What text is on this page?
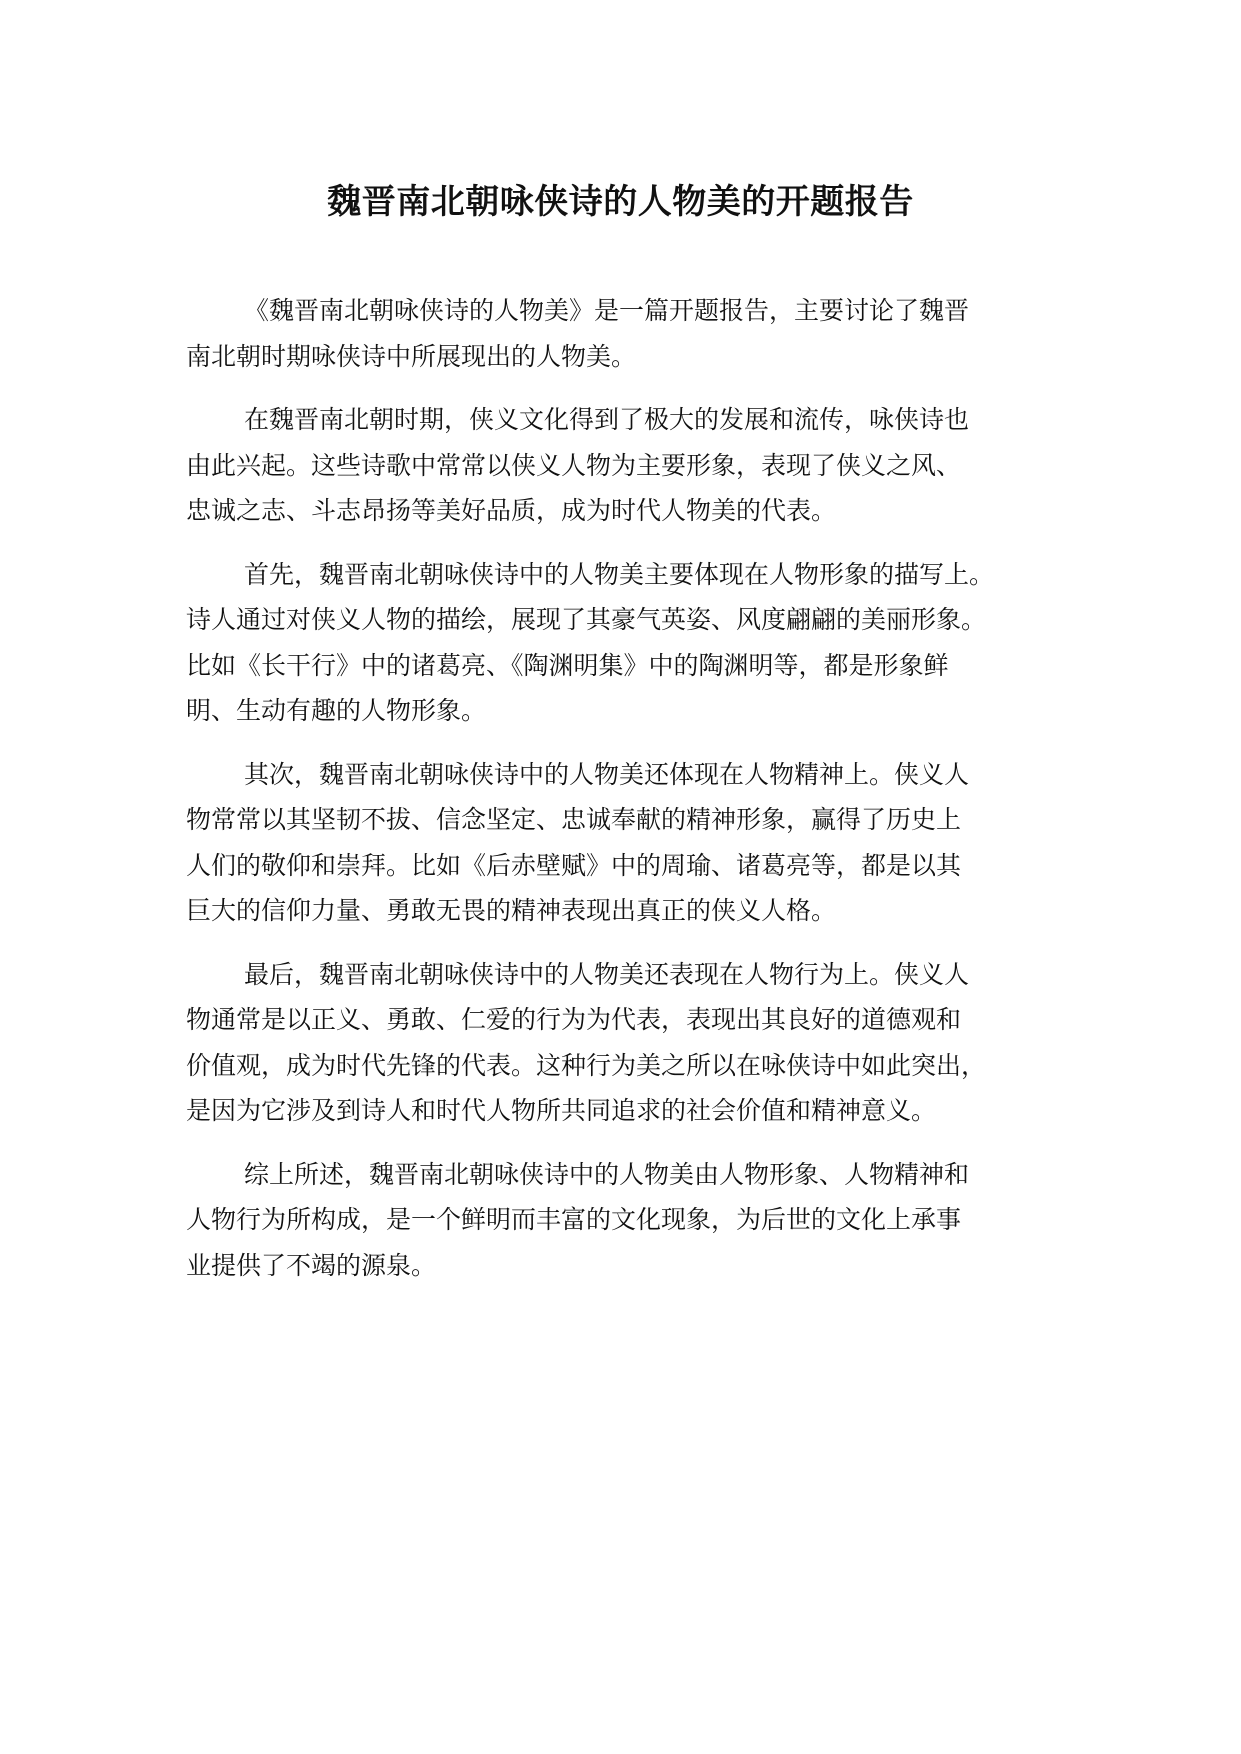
魏晋南北朝咏侠诗的人物美的开题报告

《魏晋南北朝咏侠诗的人物美》是一篇开题报告，主要讨论了魏晋
南北朝时期咏侠诗中所展现出的人物美。

在魏晋南北朝时期，侠义文化得到了极大的发展和流传，咏侠诗也
由此兴起。这些诗歌中常常以侠义人物为主要形象，表现了侠义之风、
忠诚之志、斗志昂扬等美好品质，成为时代人物美的代表。

首先，魏晋南北朝咏侠诗中的人物美主要体现在人物形象的描写上。
诗人通过对侠义人物的描绘，展现了其豪气英姿、风度翩翩的美丽形象。
比如《长干行》中的诸葛亮、《陶渊明集》中的陶渊明等，都是形象鲜
明、生动有趣的人物形象。

其次，魏晋南北朝咏侠诗中的人物美还体现在人物精神上。侠义人
物常常以其坚韧不拔、信念坚定、忠诚奉献的精神形象，赢得了历史上
人们的敬仰和崇拜。比如《后赤壁赋》中的周瑜、诸葛亮等，都是以其
巨大的信仰力量、勇敢无畏的精神表现出真正的侠义人格。

最后，魏晋南北朝咏侠诗中的人物美还表现在人物行为上。侠义人
物通常是以正义、勇敢、仁爱的行为为代表，表现出其良好的道德观和
价值观，成为时代先锋的代表。这种行为美之所以在咏侠诗中如此突出，
是因为它涉及到诗人和时代人物所共同追求的社会价值和精神意义。

综上所述，魏晋南北朝咏侠诗中的人物美由人物形象、人物精神和
人物行为所构成，是一个鲜明而丰富的文化现象，为后世的文化上承事
业提供了不竭的源泉。
